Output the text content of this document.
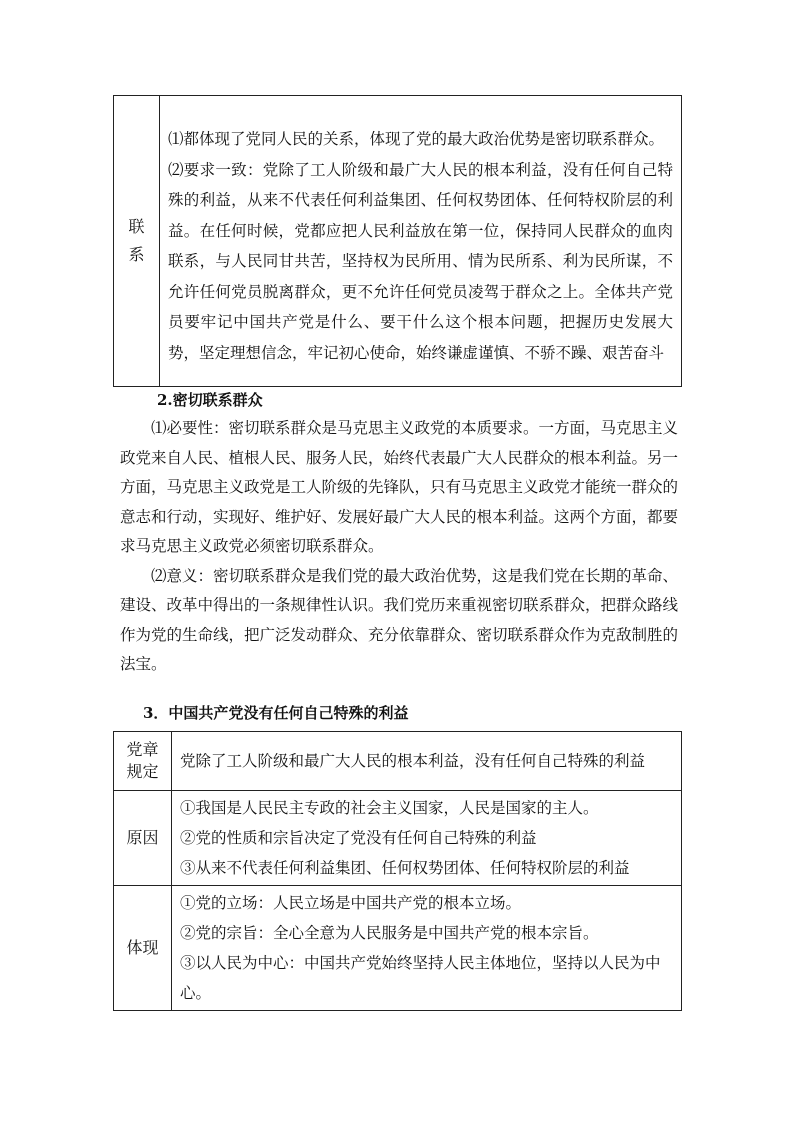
联系

⑴都体现了党同人民的关系，体现了党的最大政治优势是密切联系群众。

⑵要求一致：党除了工人阶级和最广大人民的根本利益，没有任何自己特殊的利益，从来不代表任何利益集团、任何权势团体、任何特权阶层的利益。在任何时候，党都应把人民利益放在第一位，保持同人民群众的血肉联系，与人民同甘共苦，坚持权为民所用、情为民所系、利为民所谋，不允许任何党员脱离群众，更不允许任何党员凌驾于群众之上。全体共产党员要牢记中国共产党是什么、要干什么这个根本问题，把握历史发展大势，坚定理想信念，牢记初心使命，始终谦虚谨慎、不骄不躁、艰苦奋斗

2.密切联系群众

⑴必要性：密切联系群众是马克思主义政党的本质要求。一方面，马克思主义政党来自人民、植根人民、服务人民，始终代表最广大人民群众的根本利益。另一方面，马克思主义政党是工人阶级的先锋队，只有马克思主义政党才能统一群众的意志和行动，实现好、维护好、发展好最广大人民的根本利益。这两个方面，都要求马克思主义政党必须密切联系群众。

⑵意义：密切联系群众是我们党的最大政治优势，这是我们党在长期的革命、建设、改革中得出的一条规律性认识。我们党历来重视密切联系群众，把群众路线作为党的生命线，把广泛发动群众、充分依靠群众、密切联系群众作为克敌制胜的法宝。

3．中国共产党没有任何自己特殊的利益
党章规定	党除了工人阶级和最广大人民的根本利益，没有任何自己特殊的利益

原因	①我国是人民民主专政的社会主义国家，人民是国家的主人。

②党的性质和宗旨决定了党没有任何自己特殊的利益

③从来不代表任何利益集团、任何权势团体、任何特权阶层的利益

体现	①党的立场：人民立场是中国共产党的根本立场。

②党的宗旨：全心全意为人民服务是中国共产党的根本宗旨。

③以人民为中心：中国共产党始终坚持人民主体地位，坚持以人民为中心。
